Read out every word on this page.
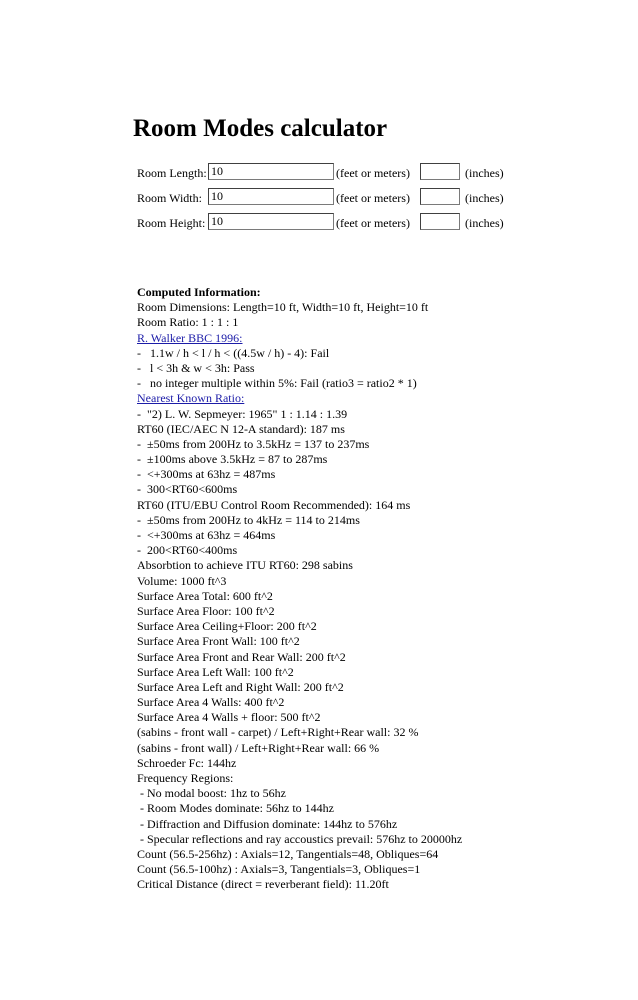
Room Modes calculator
Room Length:
10	(feet or meters)	(inches)
Room Width:
10	(feet or meters)	(inches)
Room Height:
10	(feet or meters)	(inches)
Computed Information:
Room Dimensions: Length=10 ft, Width=10 ft, Height=10 ft
Room Ratio: 1 : 1 : 1
R. Walker BBC 1996:
-   1.1w / h < l / h < ((4.5w / h) - 4): Fail
-   l < 3h & w < 3h: Pass
-   no integer multiple within 5%: Fail (ratio3 = ratio2 * 1)
Nearest Known Ratio:
-  "2) L. W. Sepmeyer: 1965" 1 : 1.14 : 1.39
RT60 (IEC/AEC N 12-A standard): 187 ms
-  ±50ms from 200Hz to 3.5kHz = 137 to 237ms
-  ±100ms above 3.5kHz = 87 to 287ms
-  <+300ms at 63hz = 487ms
-  300<RT60<600ms
RT60 (ITU/EBU Control Room Recommended): 164 ms
-  ±50ms from 200Hz to 4kHz = 114 to 214ms
-  <+300ms at 63hz = 464ms
-  200<RT60<400ms
Absorbtion to achieve ITU RT60: 298 sabins
Volume: 1000 ft^3
Surface Area Total: 600 ft^2
Surface Area Floor: 100 ft^2
Surface Area Ceiling+Floor: 200 ft^2
Surface Area Front Wall: 100 ft^2
Surface Area Front and Rear Wall: 200 ft^2
Surface Area Left Wall: 100 ft^2
Surface Area Left and Right Wall: 200 ft^2
Surface Area 4 Walls: 400 ft^2
Surface Area 4 Walls + floor: 500 ft^2
(sabins - front wall - carpet) / Left+Right+Rear wall: 32 %
(sabins - front wall) / Left+Right+Rear wall: 66 %
Schroeder Fc: 144hz
Frequency Regions:
- No modal boost: 1hz to 56hz
- Room Modes dominate: 56hz to 144hz
- Diffraction and Diffusion dominate: 144hz to 576hz
- Specular reflections and ray accoustics prevail: 576hz to 20000hz
Count (56.5-256hz) : Axials=12, Tangentials=48, Obliques=64
Count (56.5-100hz) : Axials=3, Tangentials=3, Obliques=1
Critical Distance (direct = reverberant field): 11.20ft
